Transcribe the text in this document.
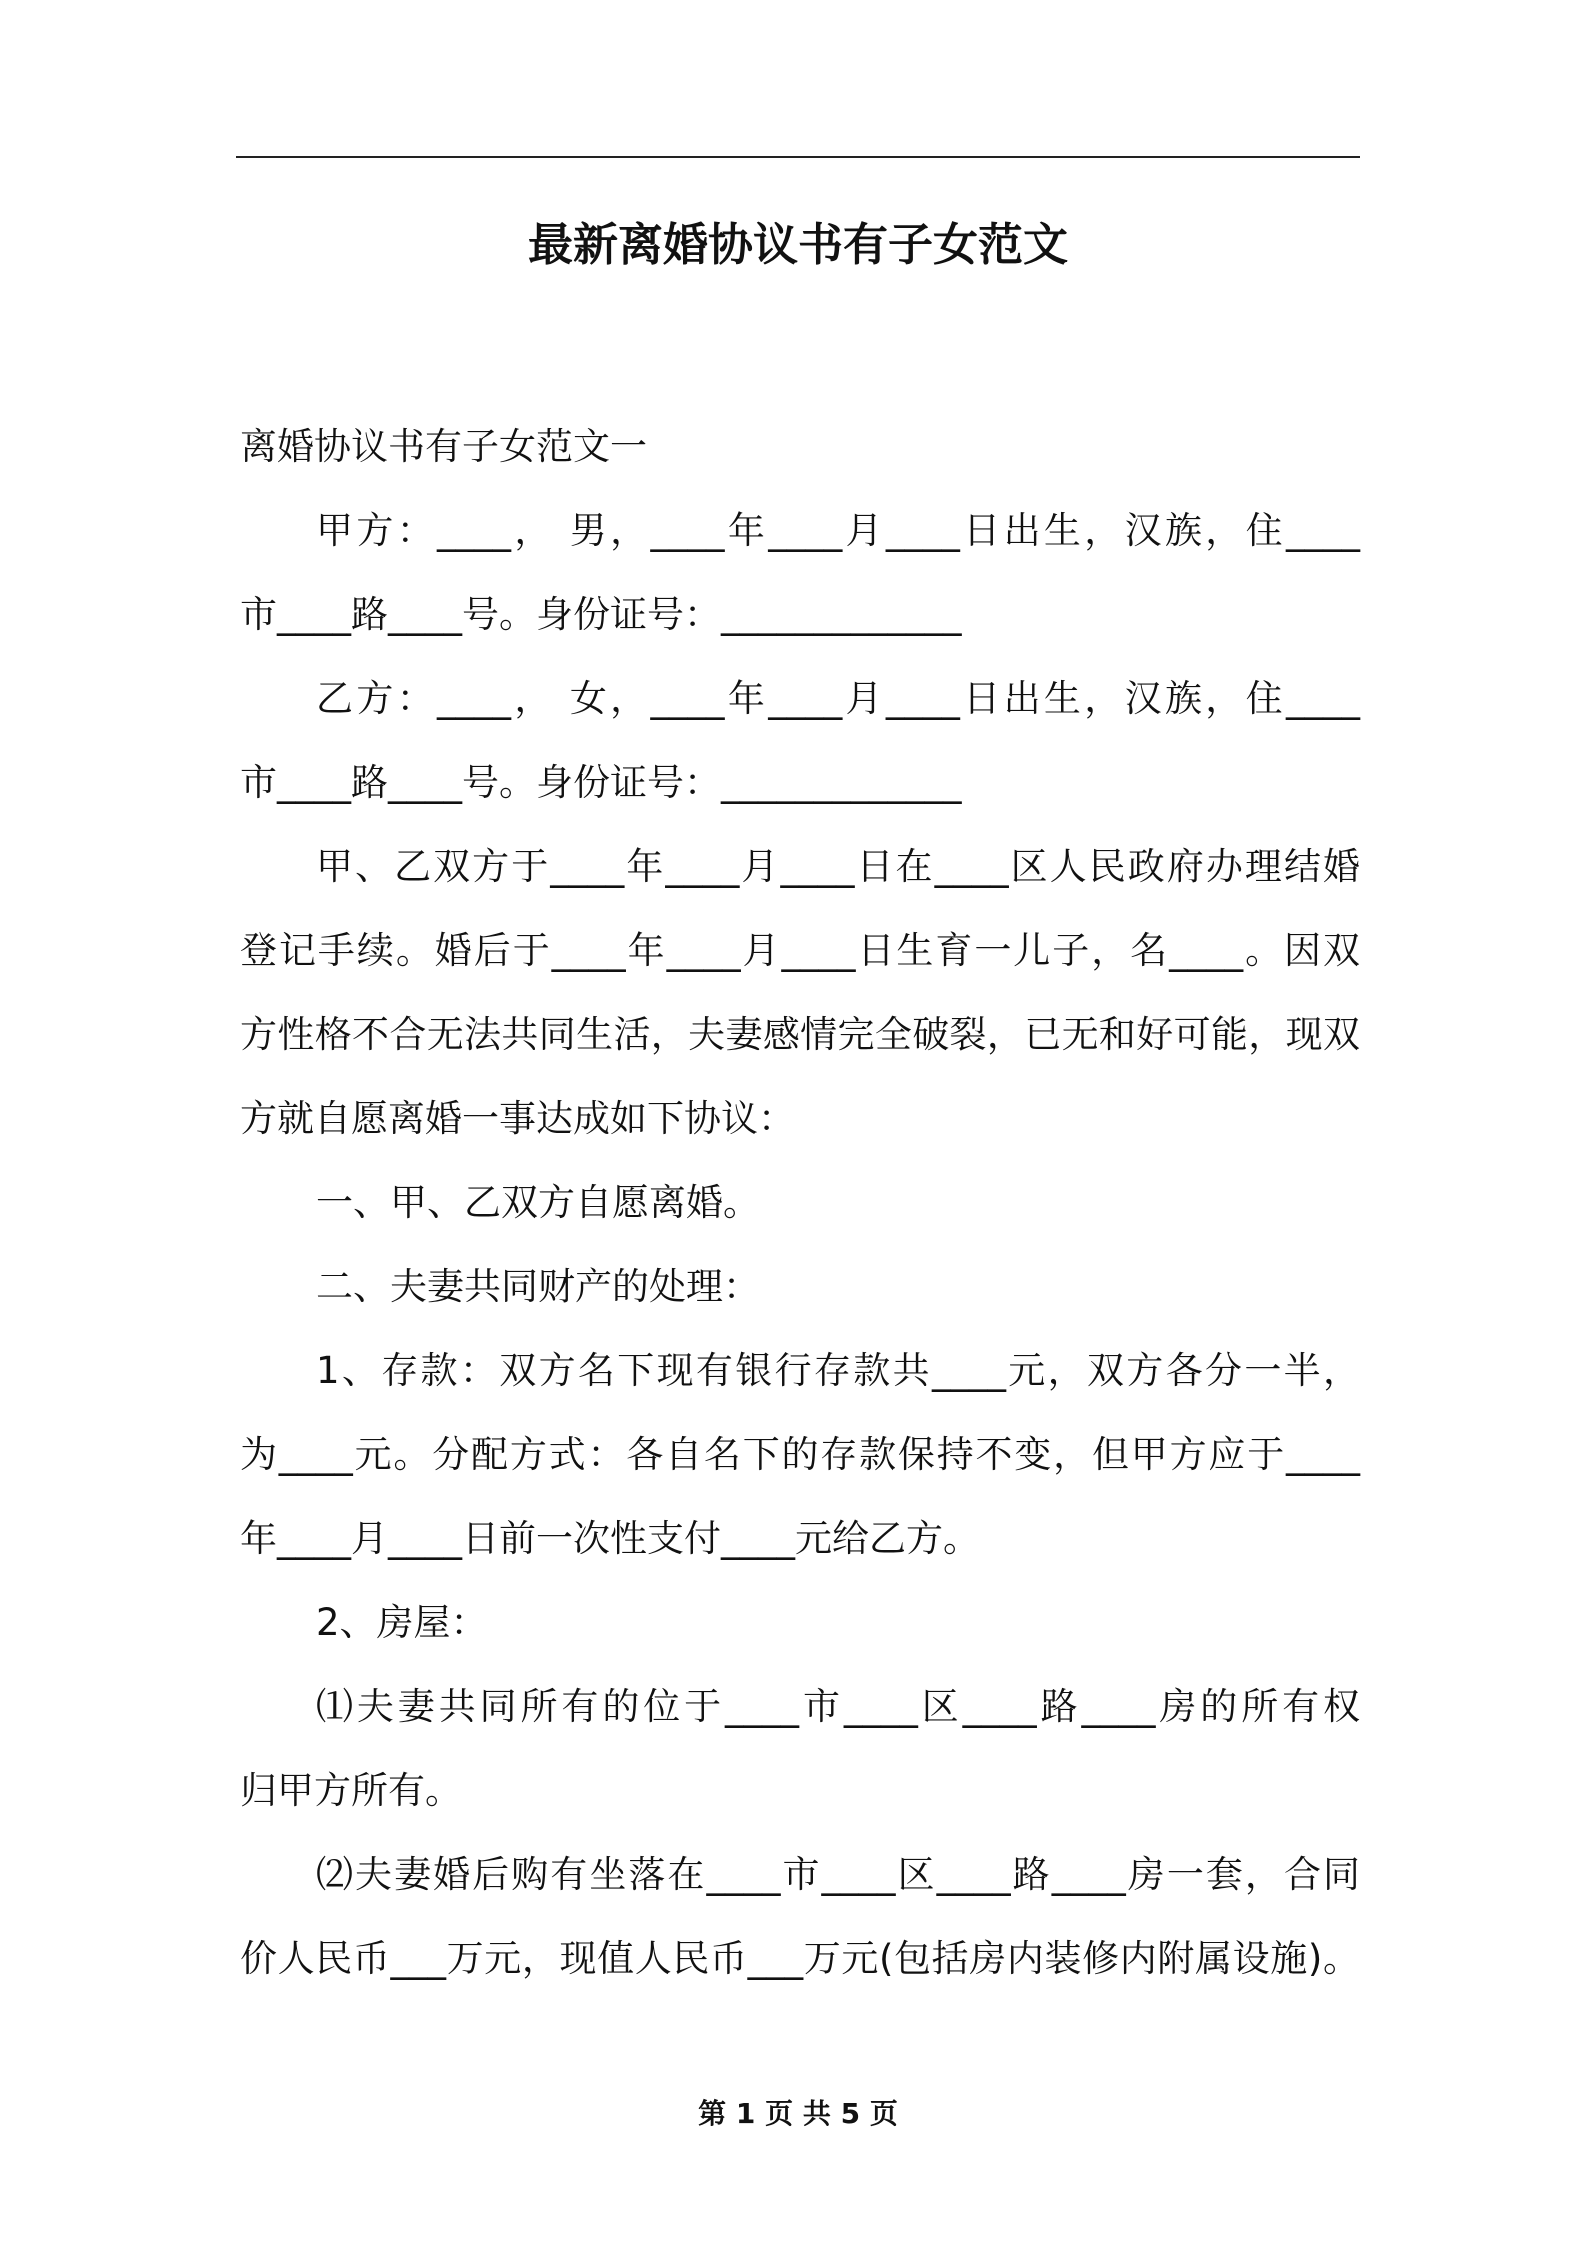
最新离婚协议书有子女范文

离婚协议书有子女范文一

甲方：____， 男，____年____月____日出生，汉族，住____

市____路____号。身份证号：_____________

乙方：____， 女，____年____月____日出生，汉族，住____

市____路____号。身份证号：_____________

甲、乙双方于____年____月____日在____区人民政府办理结婚

登记手续。婚后于____年____月____日生育一儿子，名____。因双

方性格不合无法共同生活，夫妻感情完全破裂，已无和好可能，现双

方就自愿离婚一事达成如下协议：

一、甲、乙双方自愿离婚。

二、夫妻共同财产的处理：

1、存款：双方名下现有银行存款共____元，双方各分一半，

为____元。分配方式：各自名下的存款保持不变，但甲方应于____

年____月____日前一次性支付____元给乙方。

2、房屋：

⑴夫妻共同所有的位于____市____区____路____房的所有权

归甲方所有。

⑵夫妻婚后购有坐落在____市____区____路____房一套，合同

价人民币___万元，现值人民币___万元(包括房内装修内附属设施)。

第 1 页 共 5 页
